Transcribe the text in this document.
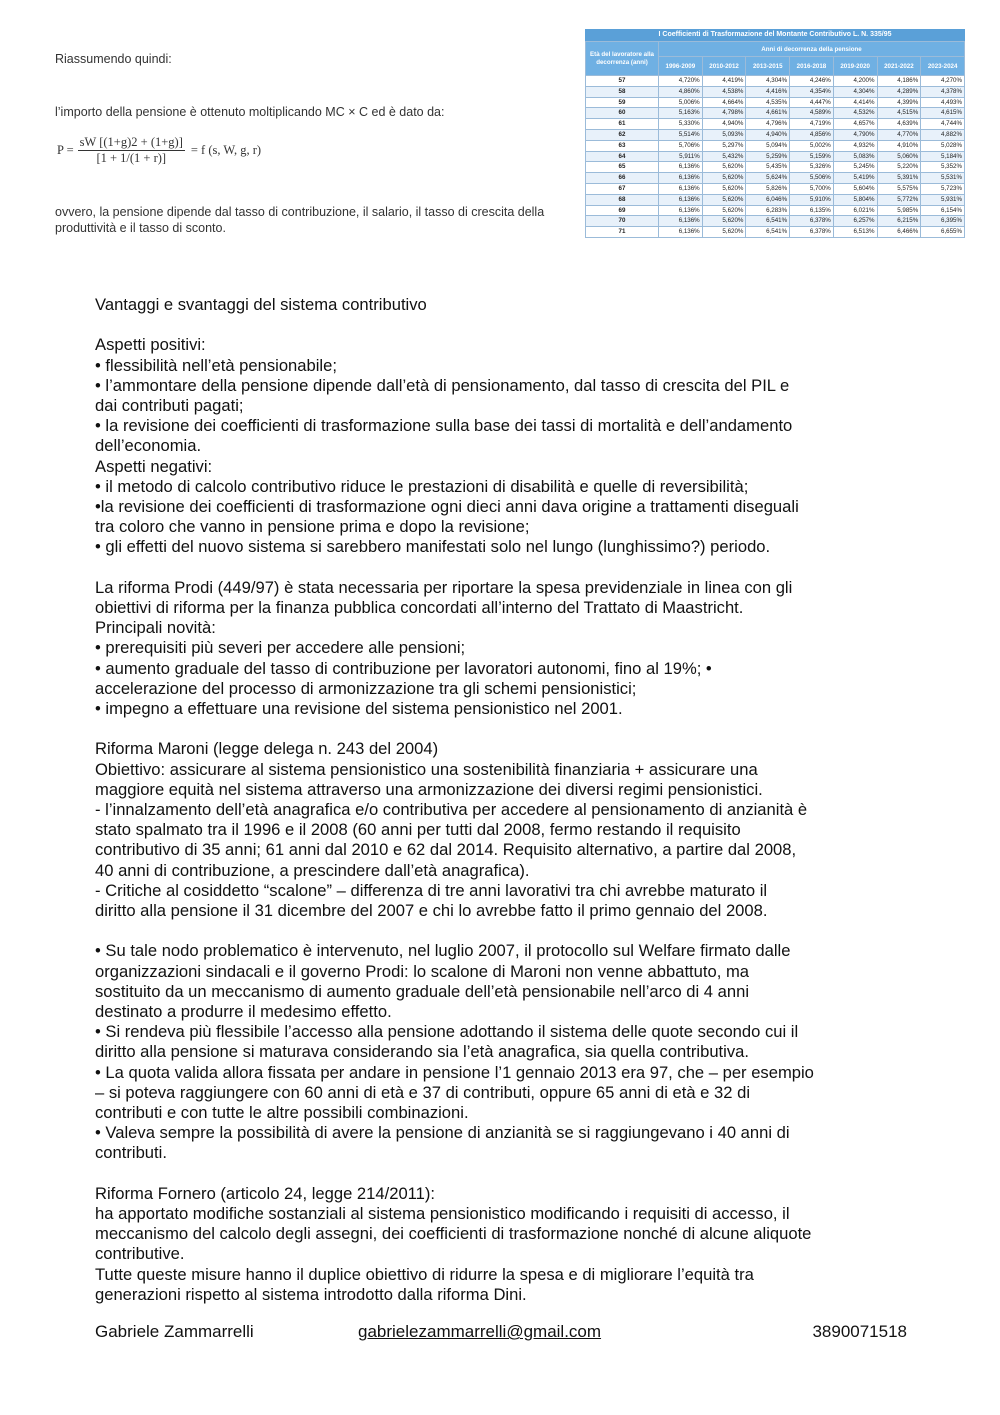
Riassumendo quindi:
l’importo della pensione è ottenuto moltiplicando MC × C ed è dato da:
$P = \frac{sW [(1+g)2 + (1+g)]}{[1 + 1/(1 + r)]} = f$ (s, W, g, r)
ovvero, la pensione dipende dal tasso di contribuzione, il salario, il tasso di crescita della produttività e il tasso di sconto.
I Coefficienti di Trasformazione del Montante Contributivo L. N. 335/95
Età del lavoratore alla decorrenza (anni)	Anni di decorrenza della pensione						
	1996-2009	2010-2012	2013-2015	2016-2018	2019-2020	2021-2022	2023-2024
57	4,720%	4,419%	4,304%	4,246%	4,200%	4,186%	4,270%
58	4,860%	4,538%	4,416%	4,354%	4,304%	4,289%	4,378%
59	5,006%	4,664%	4,535%	4,447%	4,414%	4,399%	4,493%
60	5,163%	4,798%	4,661%	4,589%	4,532%	4,515%	4,615%
61	5,330%	4,940%	4,796%	4,719%	4,657%	4,639%	4,744%
62	5,514%	5,093%	4,940%	4,856%	4,790%	4,770%	4,882%
63	5,706%	5,297%	5,094%	5,002%	4,932%	4,910%	5,028%
64	5,911%	5,432%	5,259%	5,159%	5,083%	5,060%	5,184%
65	6,136%	5,620%	5,435%	5,326%	5,245%	5,220%	5,352%
66	6,136%	5,620%	5,624%	5,506%	5,419%	5,391%	5,531%
67	6,136%	5,620%	5,826%	5,700%	5,604%	5,575%	5,723%
68	6,136%	5,620%	6,046%	5,910%	5,804%	5,772%	5,931%
69	6,136%	5,620%	6,283%	6,135%	6,021%	5,985%	6,154%
70	6,136%	5,620%	6,541%	6,378%	6,257%	6,215%	6,395%
71	6,136%	5,620%	6,541%	6,378%	6,513%	6,466%	6,655%

Vantaggi e svantaggi del sistema contributivo

Aspetti positivi:

• flessibilità nell’età pensionabile;

• l’ammontare della pensione dipende dall’età di pensionamento, dal tasso di crescita del PIL e

dai contributi pagati;

• la revisione dei coefficienti di trasformazione sulla base dei tassi di mortalità e dell’andamento

dell’economia.

Aspetti negativi:

• il metodo di calcolo contributivo riduce le prestazioni di disabilità e quelle di reversibilità;

•la revisione dei coefficienti di trasformazione ogni dieci anni dava origine a trattamenti diseguali

tra coloro che vanno in pensione prima e dopo la revisione;

• gli effetti del nuovo sistema si sarebbero manifestati solo nel lungo (lunghissimo?) periodo.

La riforma Prodi (449/97) è stata necessaria per riportare la spesa previdenziale in linea con gli

obiettivi di riforma per la finanza pubblica concordati all’interno del Trattato di Maastricht.

Principali novità:

• prerequisiti più severi per accedere alle pensioni;

• aumento graduale del tasso di contribuzione per lavoratori autonomi, fino al 19%; •

accelerazione del processo di armonizzazione tra gli schemi pensionistici;

• impegno a effettuare una revisione del sistema pensionistico nel 2001.

Riforma Maroni (legge delega n. 243 del 2004)

Obiettivo: assicurare al sistema pensionistico una sostenibilità finanziaria + assicurare una

maggiore equità nel sistema attraverso una armonizzazione dei diversi regimi pensionistici.

- l’innalzamento dell’età anagrafica e/o contributiva per accedere al pensionamento di anzianità è

stato spalmato tra il 1996 e il 2008 (60 anni per tutti dal 2008, fermo restando il requisito

contributivo di 35 anni; 61 anni dal 2010 e 62 dal 2014. Requisito alternativo, a partire dal 2008,

40 anni di contribuzione, a prescindere dall’età anagrafica).

- Critiche al cosiddetto “scalone” – differenza di tre anni lavorativi tra chi avrebbe maturato il

diritto alla pensione il 31 dicembre del 2007 e chi lo avrebbe fatto il primo gennaio del 2008.

• Su tale nodo problematico è intervenuto, nel luglio 2007, il protocollo sul Welfare firmato dalle

organizzazioni sindacali e il governo Prodi: lo scalone di Maroni non venne abbattuto, ma

sostituito da un meccanismo di aumento graduale dell’età pensionabile nell’arco di 4 anni

destinato a produrre il medesimo effetto.

• Si rendeva più flessibile l’accesso alla pensione adottando il sistema delle quote secondo cui il

diritto alla pensione si maturava considerando sia l’età anagrafica, sia quella contributiva.

• La quota valida allora fissata per andare in pensione l’1 gennaio 2013 era 97, che – per esempio

– si poteva raggiungere con 60 anni di età e 37 di contributi, oppure 65 anni di età e 32 di

contributi e con tutte le altre possibili combinazioni.

• Valeva sempre la possibilità di avere la pensione di anzianità se si raggiungevano i 40 anni di

contributi.

Riforma Fornero (articolo 24, legge 214/2011):

ha apportato modifiche sostanziali al sistema pensionistico modificando i requisiti di accesso, il

meccanismo del calcolo degli assegni, dei coefficienti di trasformazione nonché di alcune aliquote

contributive.

Tutte queste misure hanno il duplice obiettivo di ridurre la spesa e di migliorare l’equità tra

generazioni rispetto al sistema introdotto dalla riforma Dini.

Gabriele Zammarrelli	gabrielezammarrelli@gmail.com	3890071518
